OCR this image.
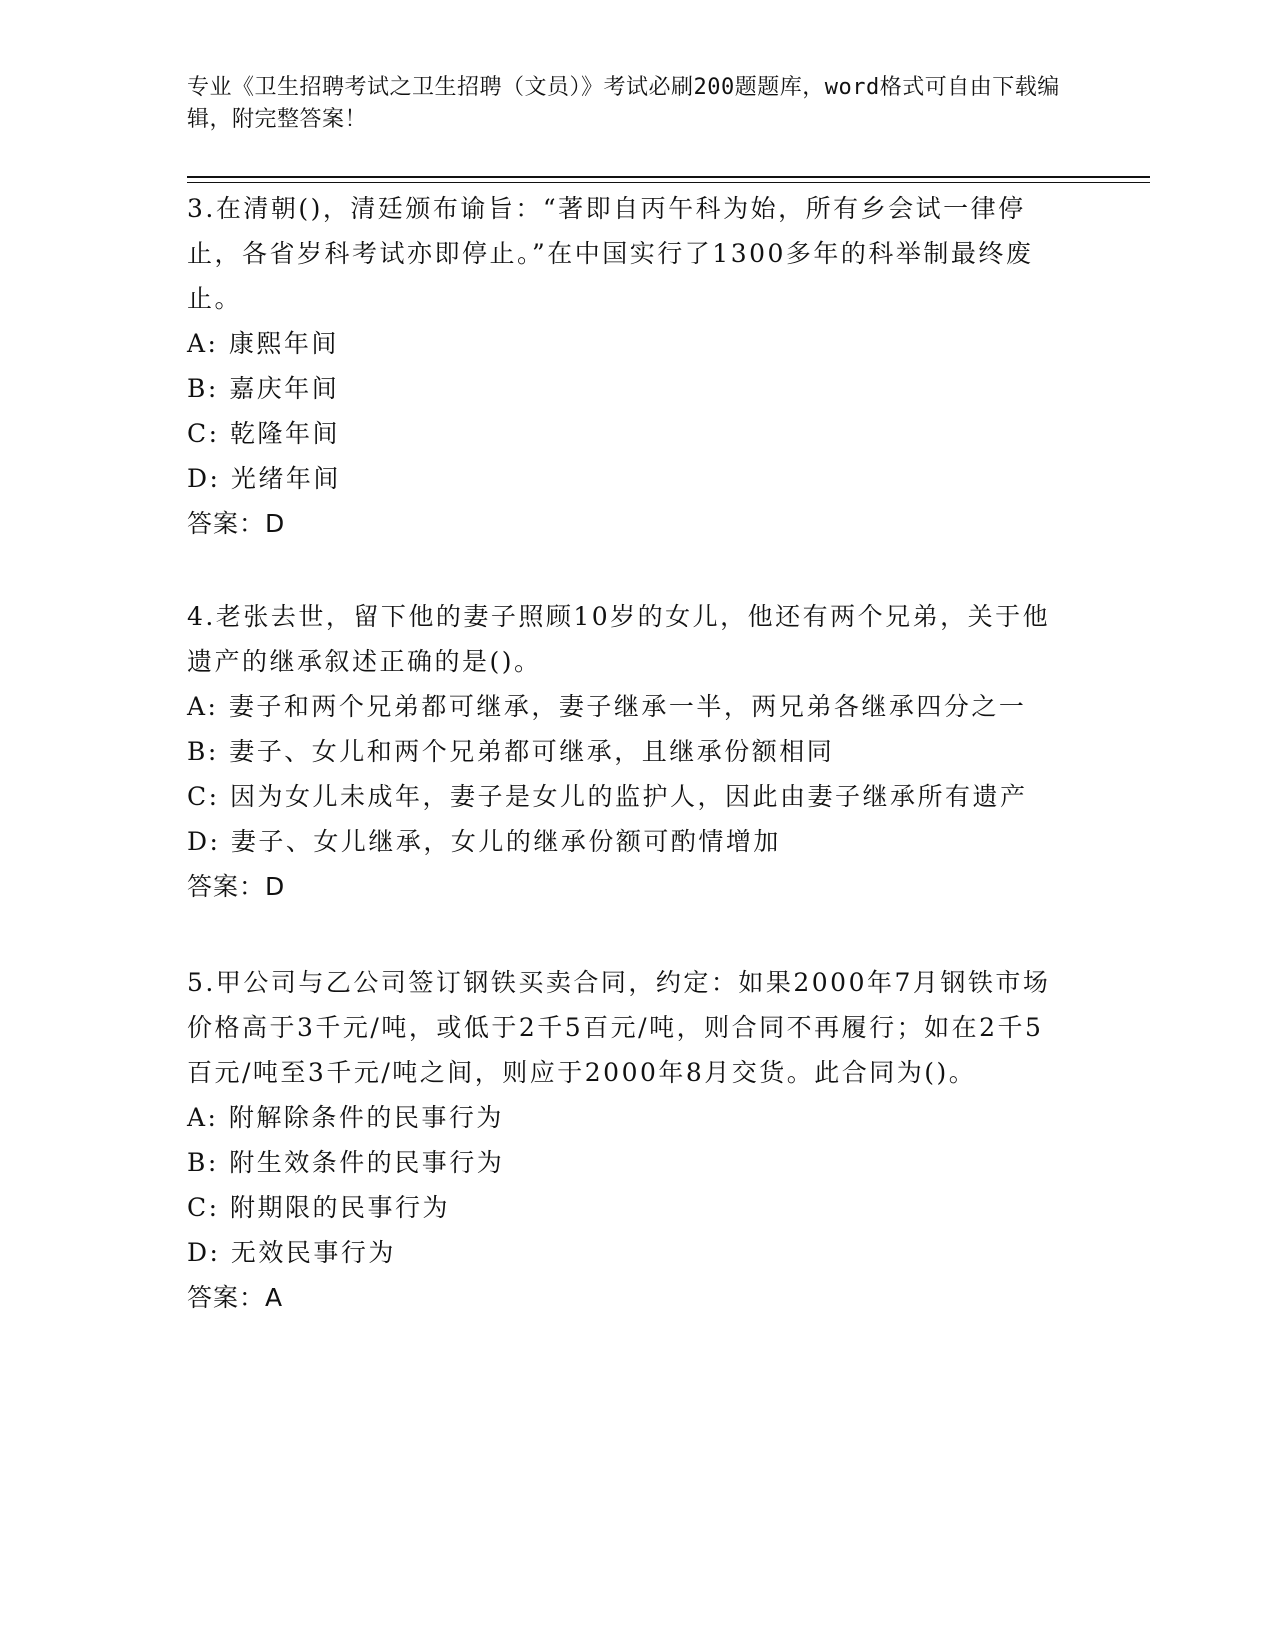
专业《卫生招聘考试之卫生招聘（文员）》考试必刷200题题库，word格式可自由下载编辑，附完整答案！

3.在清朝()，清廷颁布谕旨：“著即自丙午科为始，所有乡会试一律停止，各省岁科考试亦即停止。”在中国实行了1300多年的科举制最终废止。

A: 康熙年间

B: 嘉庆年间

C: 乾隆年间

D: 光绪年间

答案：D

4.老张去世，留下他的妻子照顾10岁的女儿，他还有两个兄弟，关于他遗产的继承叙述正确的是()。

A: 妻子和两个兄弟都可继承，妻子继承一半，两兄弟各继承四分之一

B: 妻子、女儿和两个兄弟都可继承，且继承份额相同

C: 因为女儿未成年，妻子是女儿的监护人，因此由妻子继承所有遗产

D: 妻子、女儿继承，女儿的继承份额可酌情增加

答案：D

5.甲公司与乙公司签订钢铁买卖合同，约定：如果2000年7月钢铁市场价格高于3千元/吨，或低于2千5百元/吨，则合同不再履行；如在2千5百元/吨至3千元/吨之间，则应于2000年8月交货。此合同为()。

A: 附解除条件的民事行为

B: 附生效条件的民事行为

C: 附期限的民事行为

D: 无效民事行为

答案：A
